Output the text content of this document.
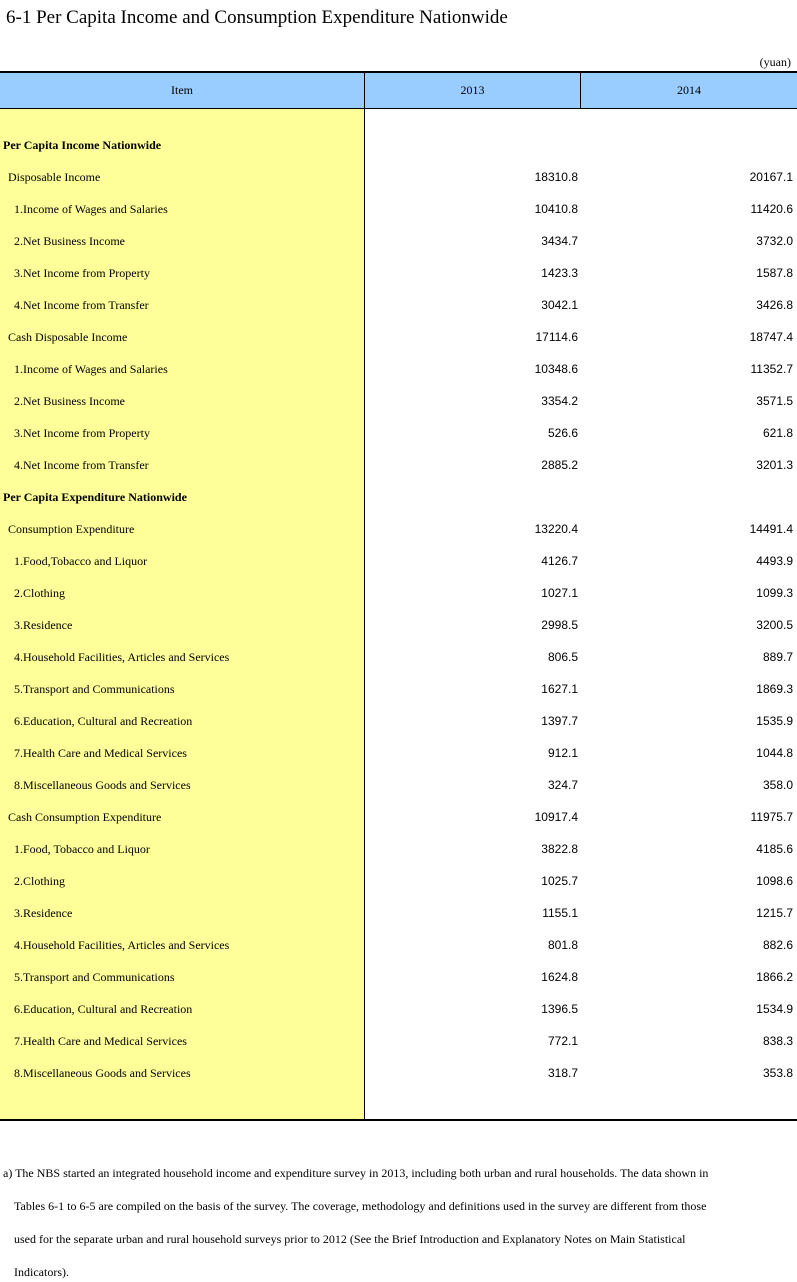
6-1 Per Capita Income and Consumption Expenditure Nationwide
(yuan)
Item	2013	2014
Per Capita Income Nationwide
Disposable Income	18310.8	20167.1
1.Income of Wages and Salaries	10410.8	11420.6
2.Net Business Income	3434.7	3732.0
3.Net Income from Property	1423.3	1587.8
4.Net Income from Transfer	3042.1	3426.8
Cash Disposable Income	17114.6	18747.4
1.Income of Wages and Salaries	10348.6	11352.7
2.Net Business Income	3354.2	3571.5
3.Net Income from Property	526.6	621.8
4.Net Income from Transfer	2885.2	3201.3
Per Capita Expenditure Nationwide
Consumption Expenditure	13220.4	14491.4
1.Food,Tobacco and Liquor	4126.7	4493.9
2.Clothing	1027.1	1099.3
3.Residence	2998.5	3200.5
4.Household Facilities, Articles and Services	806.5	889.7
5.Transport and Communications	1627.1	1869.3
6.Education, Cultural and Recreation	1397.7	1535.9
7.Health Care and Medical Services	912.1	1044.8
8.Miscellaneous Goods and Services	324.7	358.0
Cash Consumption Expenditure	10917.4	11975.7
1.Food, Tobacco and Liquor	3822.8	4185.6
2.Clothing	1025.7	1098.6
3.Residence	1155.1	1215.7
4.Household Facilities, Articles and Services	801.8	882.6
5.Transport and Communications	1624.8	1866.2
6.Education, Cultural and Recreation	1396.5	1534.9
7.Health Care and Medical Services	772.1	838.3
8.Miscellaneous Goods and Services	318.7	353.8
a) The NBS started an integrated household income and expenditure survey in 2013, including both urban and rural households. The data shown in
Tables 6-1 to 6-5 are compiled on the basis of the survey. The coverage, methodology and definitions used in the survey are different from those
used for the separate urban and rural household surveys prior to 2012 (See the Brief Introduction and Explanatory Notes on Main Statistical
Indicators).
